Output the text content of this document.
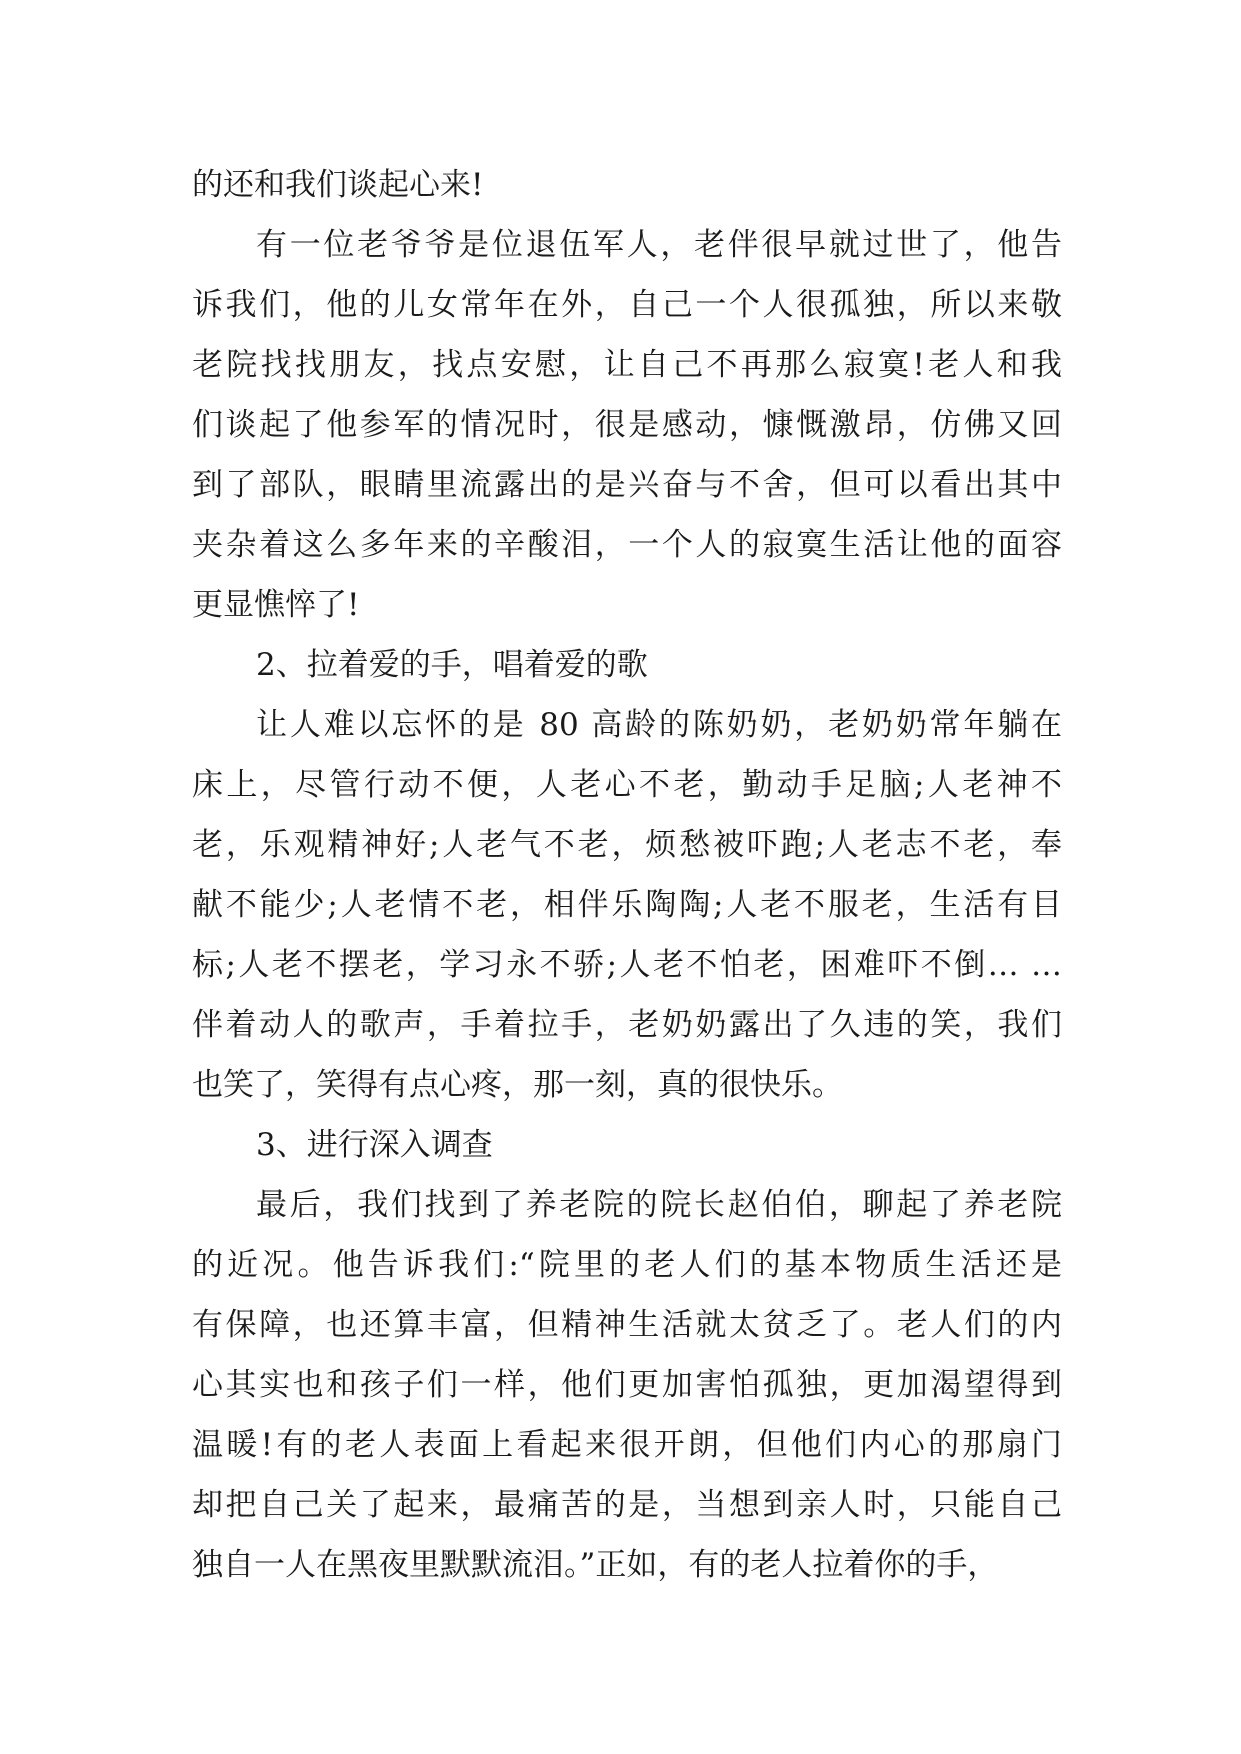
的还和我们谈起心来!

有一位老爷爷是位退伍军人，老伴很早就过世了，他告
诉我们，他的儿女常年在外，自己一个人很孤独，所以来敬
老院找找朋友，找点安慰，让自己不再那么寂寞!老人和我
们谈起了他参军的情况时，很是感动，慷慨激昂，仿佛又回
到了部队，眼睛里流露出的是兴奋与不舍，但可以看出其中
夹杂着这么多年来的辛酸泪，一个人的寂寞生活让他的面容
更显憔悴了!

2、拉着爱的手，唱着爱的歌

让人难以忘怀的是 80 高龄的陈奶奶，老奶奶常年躺在
床上，尽管行动不便，人老心不老，勤动手足脑;人老神不
老，乐观精神好;人老气不老，烦愁被吓跑;人老志不老，奉
献不能少;人老情不老，相伴乐陶陶;人老不服老，生活有目
标;人老不摆老，学习永不骄;人老不怕老，困难吓不倒… …
伴着动人的歌声，手着拉手，老奶奶露出了久违的笑，我们
也笑了，笑得有点心疼，那一刻，真的很快乐。

3、进行深入调查

最后，我们找到了养老院的院长赵伯伯，聊起了养老院
的近况。他告诉我们:“院里的老人们的基本物质生活还是
有保障，也还算丰富，但精神生活就太贫乏了。老人们的内
心其实也和孩子们一样，他们更加害怕孤独，更加渴望得到
温暖!有的老人表面上看起来很开朗，但他们内心的那扇门
却把自己关了起来，最痛苦的是，当想到亲人时，只能自己
独自一人在黑夜里默默流泪。”正如，有的老人拉着你的手，
